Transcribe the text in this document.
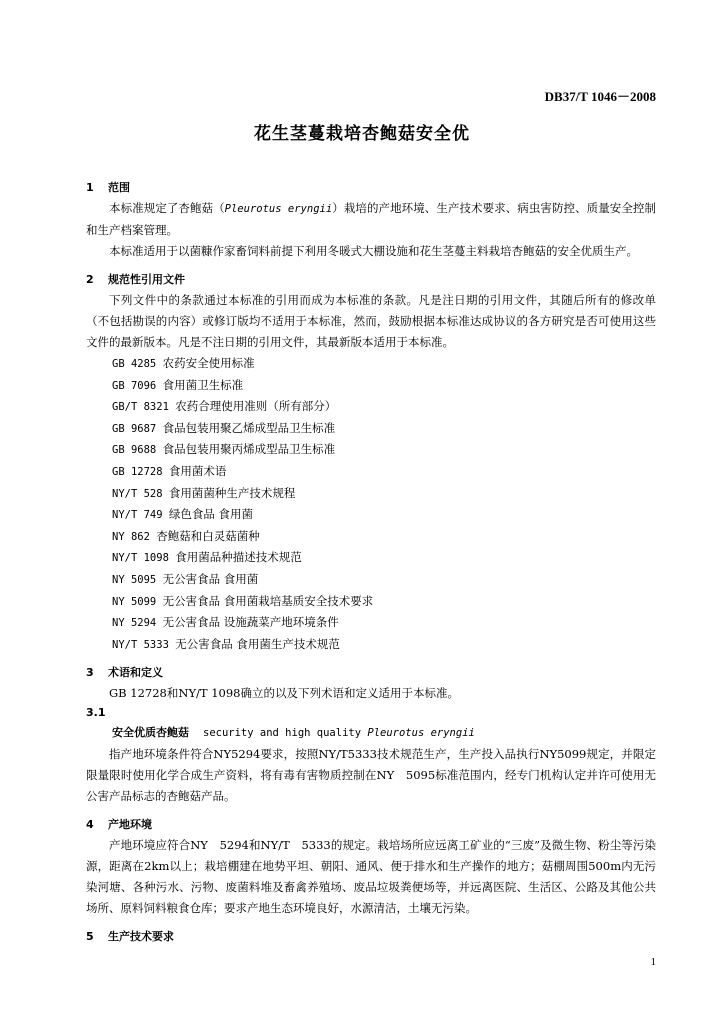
DB37/T 1046－2008
花生茎蔓栽培杏鲍菇安全优
1 范围
本标准规定了杏鲍菇（Pleurotus eryngii）栽培的产地环境、生产技术要求、病虫害防控、质量安全控制和生产档案管理。
本标准适用于以菌糠作家畜饲料前提下利用冬暖式大棚设施和花生茎蔓主料栽培杏鲍菇的安全优质生产。
2 规范性引用文件
下列文件中的条款通过本标准的引用而成为本标准的条款。凡是注日期的引用文件，其随后所有的修改单（不包括勘误的内容）或修订版均不适用于本标准，然而，鼓励根据本标准达成协议的各方研究是否可使用这些文件的最新版本。凡是不注日期的引用文件，其最新版本适用于本标准。
GB 4285 农药安全使用标准
GB 7096 食用菌卫生标准
GB/T 8321 农药合理使用准则（所有部分）
GB 9687 食品包装用聚乙烯成型品卫生标准
GB 9688 食品包装用聚丙烯成型品卫生标准
GB 12728 食用菌术语
NY/T 528 食用菌菌种生产技术规程
NY/T 749 绿色食品 食用菌
NY 862 杏鲍菇和白灵菇菌种
NY/T 1098 食用菌品种描述技术规范
NY 5095 无公害食品 食用菌
NY 5099 无公害食品 食用菌栽培基质安全技术要求
NY 5294 无公害食品 设施蔬菜产地环境条件
NY/T 5333 无公害食品 食用菌生产技术规范
3 术语和定义
GB 12728和NY/T 1098确立的以及下列术语和定义适用于本标准。
3.1
安全优质杏鲍菇 security and high quality Pleurotus eryngii
指产地环境条件符合NY5294要求，按照NY/T5333技术规范生产，生产投入品执行NY5099规定，并限定限量限时使用化学合成生产资料，将有毒有害物质控制在NY　5095标准范围内，经专门机构认定并许可使用无公害产品标志的杏鲍菇产品。
4 产地环境
产地环境应符合NY　5294和NY/T　5333的规定。栽培场所应远离工矿业的“三废”及微生物、粉尘等污染源，距离在2km以上；栽培棚建在地势平坦、朝阳、通风、便于排水和生产操作的地方；菇棚周围500m内无污染河塘、各种污水、污物、废菌料堆及畜禽养殖场、废品垃圾粪便场等，并远离医院、生活区、公路及其他公共场所、原料饲料粮食仓库；要求产地生态环境良好，水源清洁，土壤无污染。
5 生产技术要求
1
